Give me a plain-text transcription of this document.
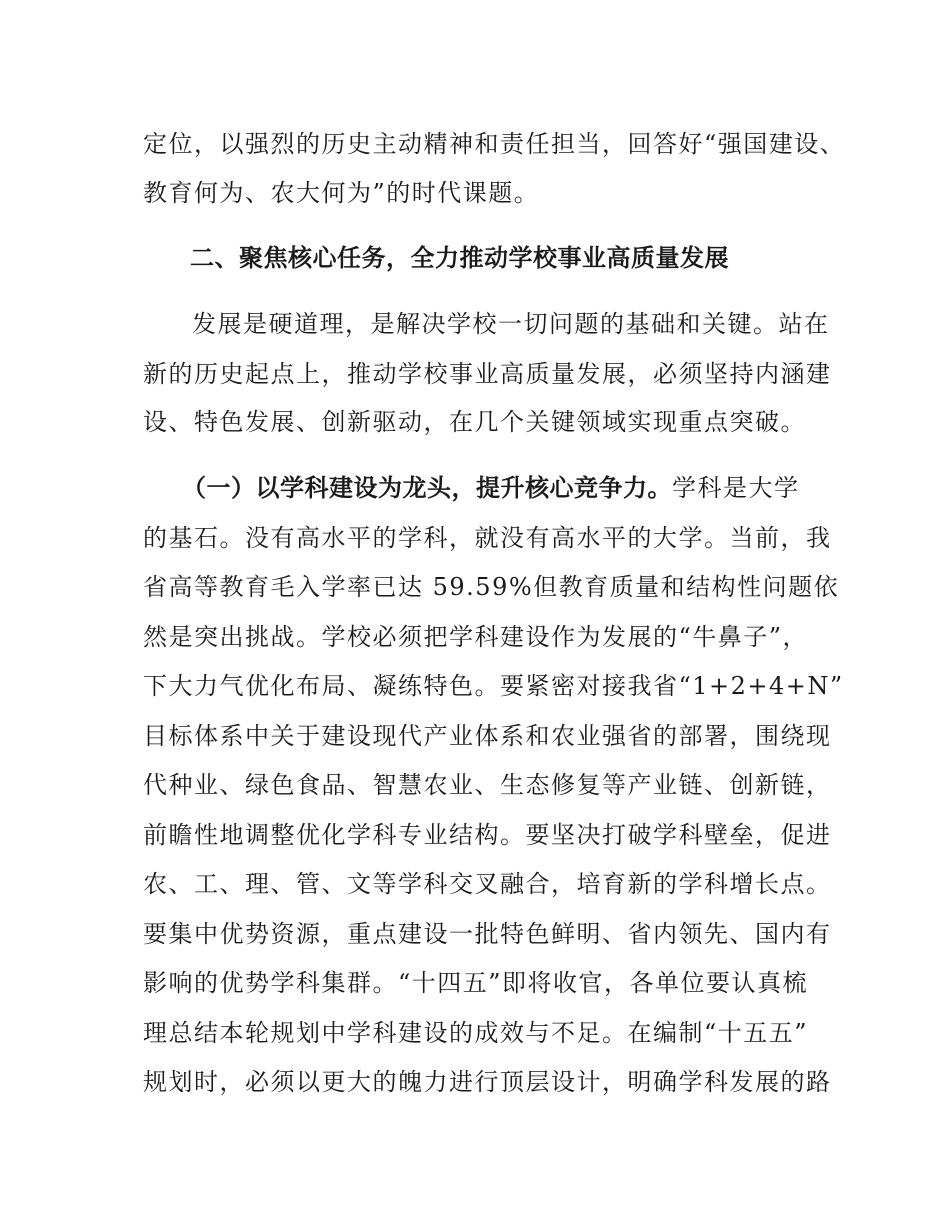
定位，以强烈的历史主动精神和责任担当，回答好“强国建设、
教育何为、农大何为”的时代课题。
二、聚焦核心任务，全力推动学校事业高质量发展
发展是硬道理，是解决学校一切问题的基础和关键。站在
新的历史起点上，推动学校事业高质量发展，必须坚持内涵建
设、特色发展、创新驱动，在几个关键领域实现重点突破。
（一）以学科建设为龙头，提升核心竞争力。学科是大学
的基石。没有高水平的学科，就没有高水平的大学。当前，我
省高等教育毛入学率已达 59.59%但教育质量和结构性问题依
然是突出挑战。学校必须把学科建设作为发展的“牛鼻子”，
下大力气优化布局、凝练特色。要紧密对接我省“1+2+4+N”
目标体系中关于建设现代产业体系和农业强省的部署，围绕现
代种业、绿色食品、智慧农业、生态修复等产业链、创新链，
前瞻性地调整优化学科专业结构。要坚决打破学科壁垒，促进
农、工、理、管、文等学科交叉融合，培育新的学科增长点。
要集中优势资源，重点建设一批特色鲜明、省内领先、国内有
影响的优势学科集群。“十四五”即将收官，各单位要认真梳
理总结本轮规划中学科建设的成效与不足。在编制“十五五”
规划时，必须以更大的魄力进行顶层设计，明确学科发展的路
